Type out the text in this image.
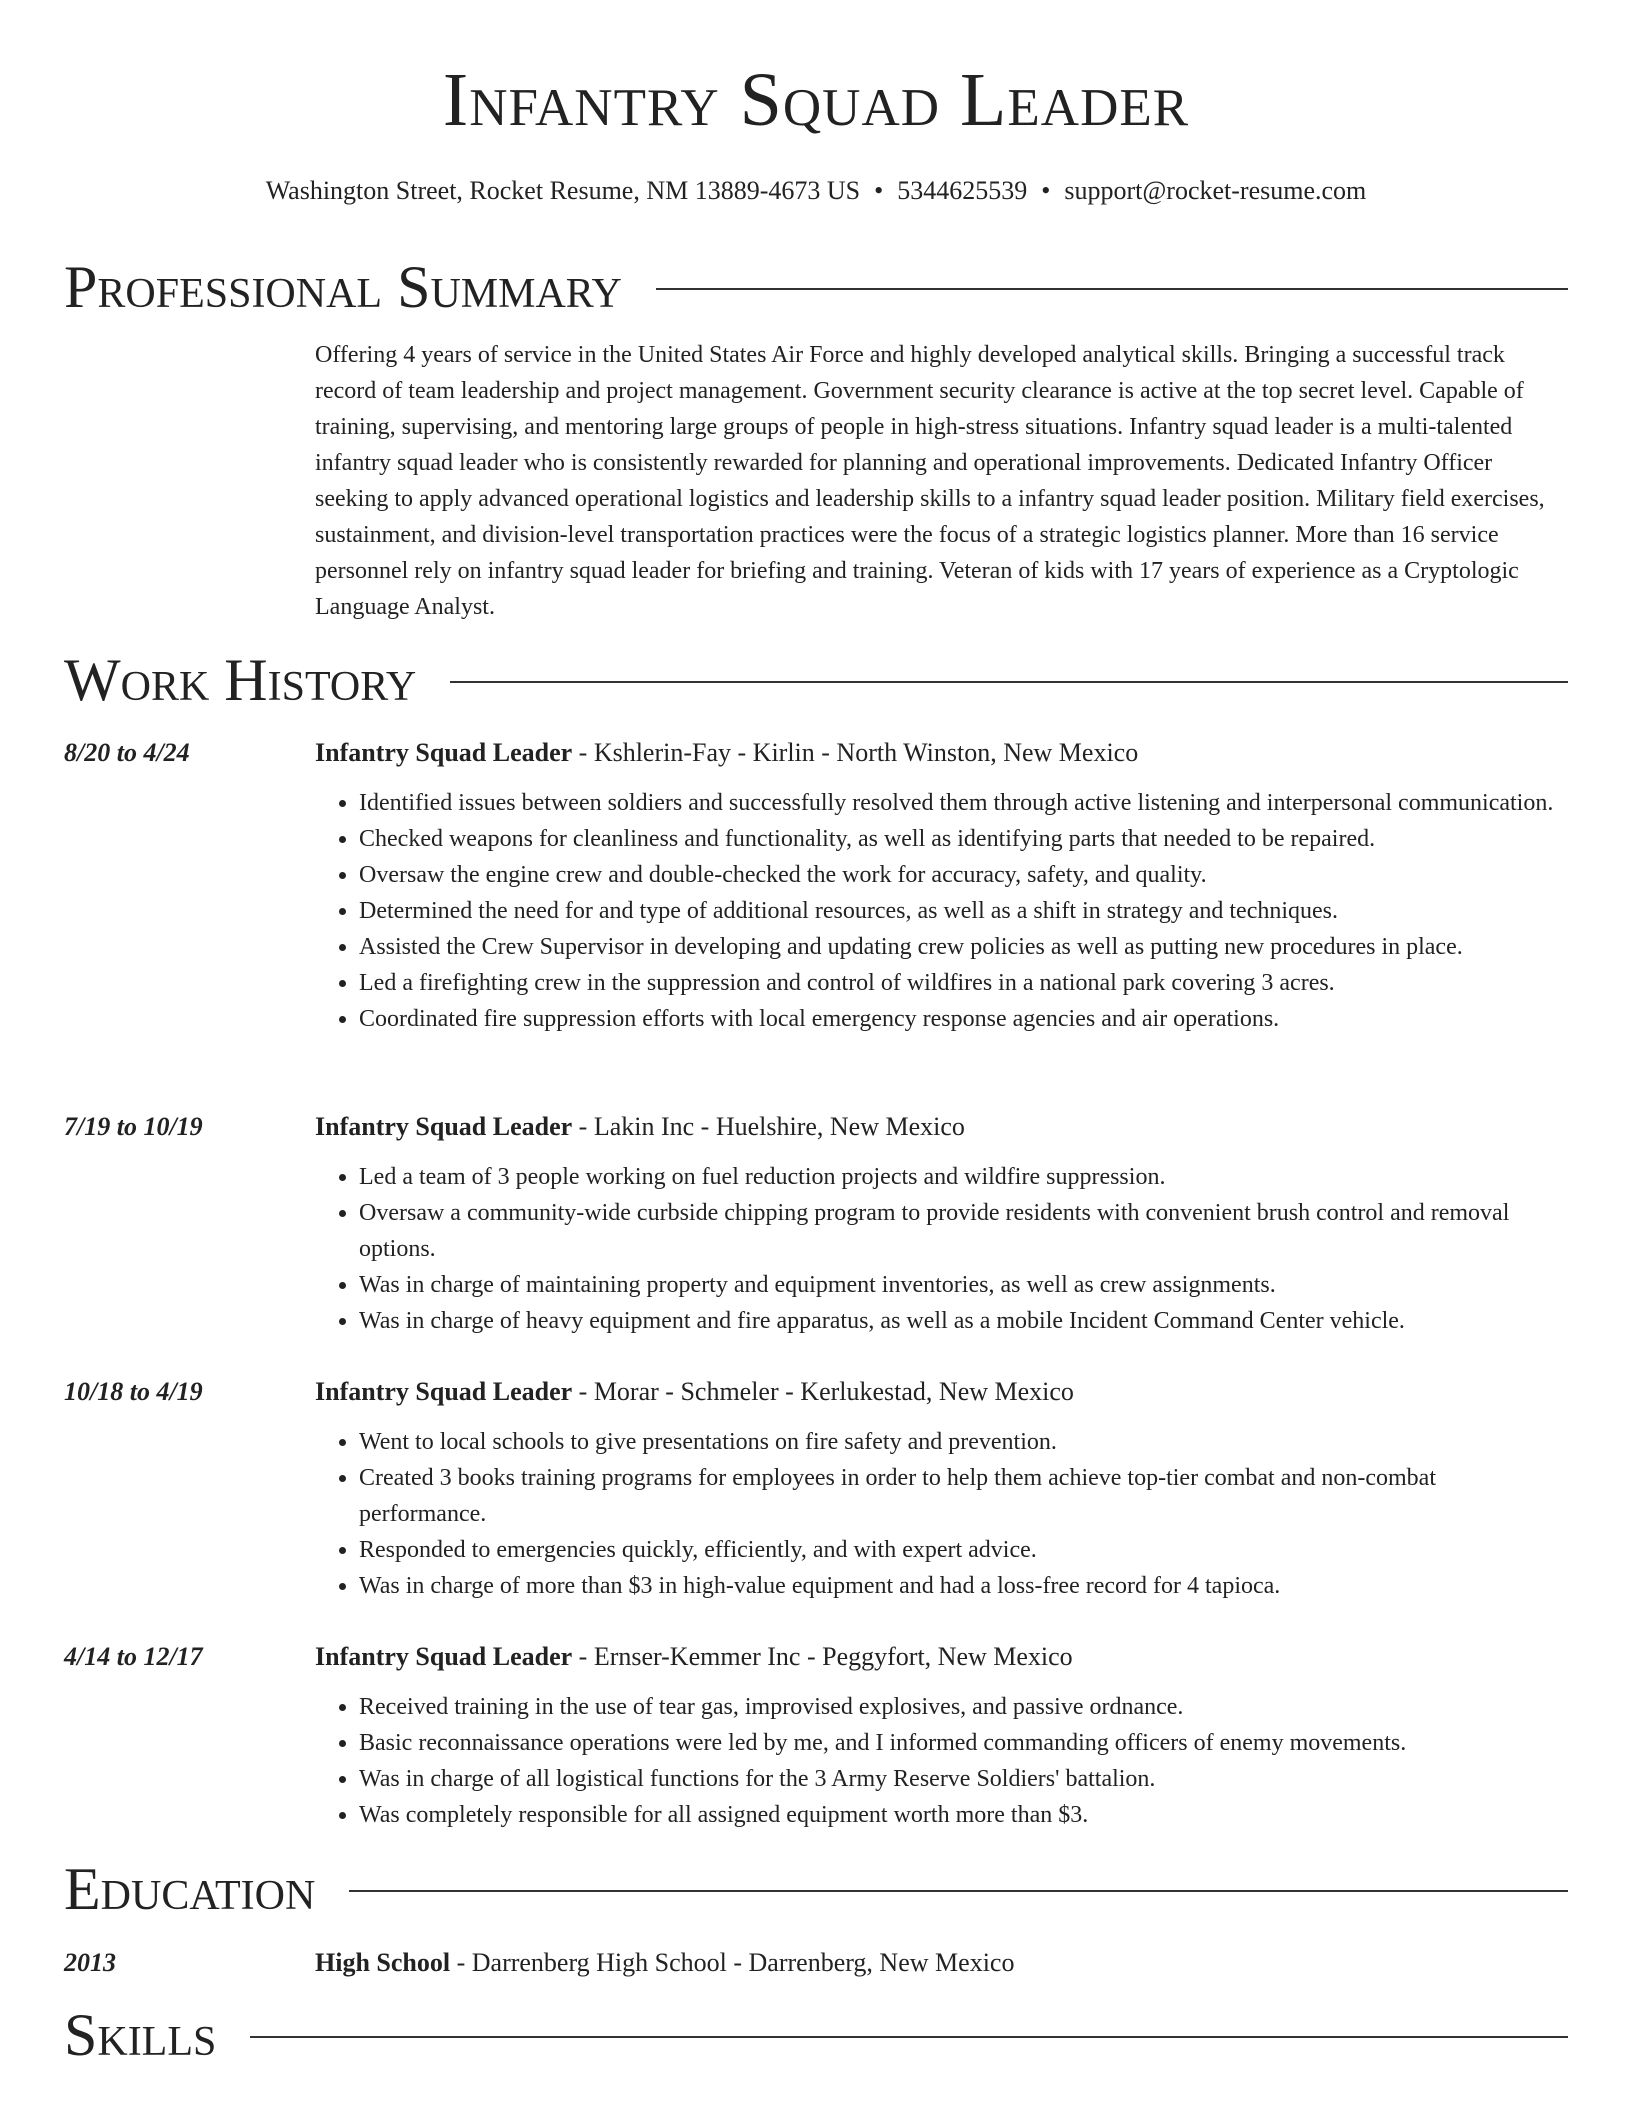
Infantry Squad Leader
Washington Street, Rocket Resume, NM 13889-4673 US • 5344625539 • support@rocket-resume.com
Professional Summary

Offering 4 years of service in the United States Air Force and highly developed analytical skills. Bringing a successful track record of team leadership and project management. Government security clearance is active at the top secret level. Capable of training, supervising, and mentoring large groups of people in high-stress situations. Infantry squad leader is a multi-talented infantry squad leader who is consistently rewarded for planning and operational improvements. Dedicated Infantry Officer seeking to apply advanced operational logistics and leadership skills to a infantry squad leader position. Military field exercises, sustainment, and division-level transportation practices were the focus of a strategic logistics planner. More than 16 service personnel rely on infantry squad leader for briefing and training. Veteran of kids with 17 years of experience as a Cryptologic Language Analyst.

Work History
8/20 to 4/24	Infantry Squad Leader - Kshlerin-Fay - Kirlin - North Winston, New Mexico
• Identified issues between soldiers and successfully resolved them through active listening and interpersonal communication.
• Checked weapons for cleanliness and functionality, as well as identifying parts that needed to be repaired.
• Oversaw the engine crew and double-checked the work for accuracy, safety, and quality.
• Determined the need for and type of additional resources, as well as a shift in strategy and techniques.
• Assisted the Crew Supervisor in developing and updating crew policies as well as putting new procedures in place.
• Led a firefighting crew in the suppression and control of wildfires in a national park covering 3 acres.
• Coordinated fire suppression efforts with local emergency response agencies and air operations.
7/19 to 10/19	Infantry Squad Leader - Lakin Inc - Huelshire, New Mexico
• Led a team of 3 people working on fuel reduction projects and wildfire suppression.
• Oversaw a community-wide curbside chipping program to provide residents with convenient brush control and removal options.
• Was in charge of maintaining property and equipment inventories, as well as crew assignments.
• Was in charge of heavy equipment and fire apparatus, as well as a mobile Incident Command Center vehicle.
10/18 to 4/19	Infantry Squad Leader - Morar - Schmeler - Kerlukestad, New Mexico
• Went to local schools to give presentations on fire safety and prevention.
• Created 3 books training programs for employees in order to help them achieve top-tier combat and non-combat performance.
• Responded to emergencies quickly, efficiently, and with expert advice.
• Was in charge of more than $3 in high-value equipment and had a loss-free record for 4 tapioca.
4/14 to 12/17	Infantry Squad Leader - Ernser-Kemmer Inc - Peggyfort, New Mexico
• Received training in the use of tear gas, improvised explosives, and passive ordnance.
• Basic reconnaissance operations were led by me, and I informed commanding officers of enemy movements.
• Was in charge of all logistical functions for the 3 Army Reserve Soldiers' battalion.
• Was completely responsible for all assigned equipment worth more than $3.
Education
2013	High School - Darrenberg High School - Darrenberg, New Mexico
Skills
